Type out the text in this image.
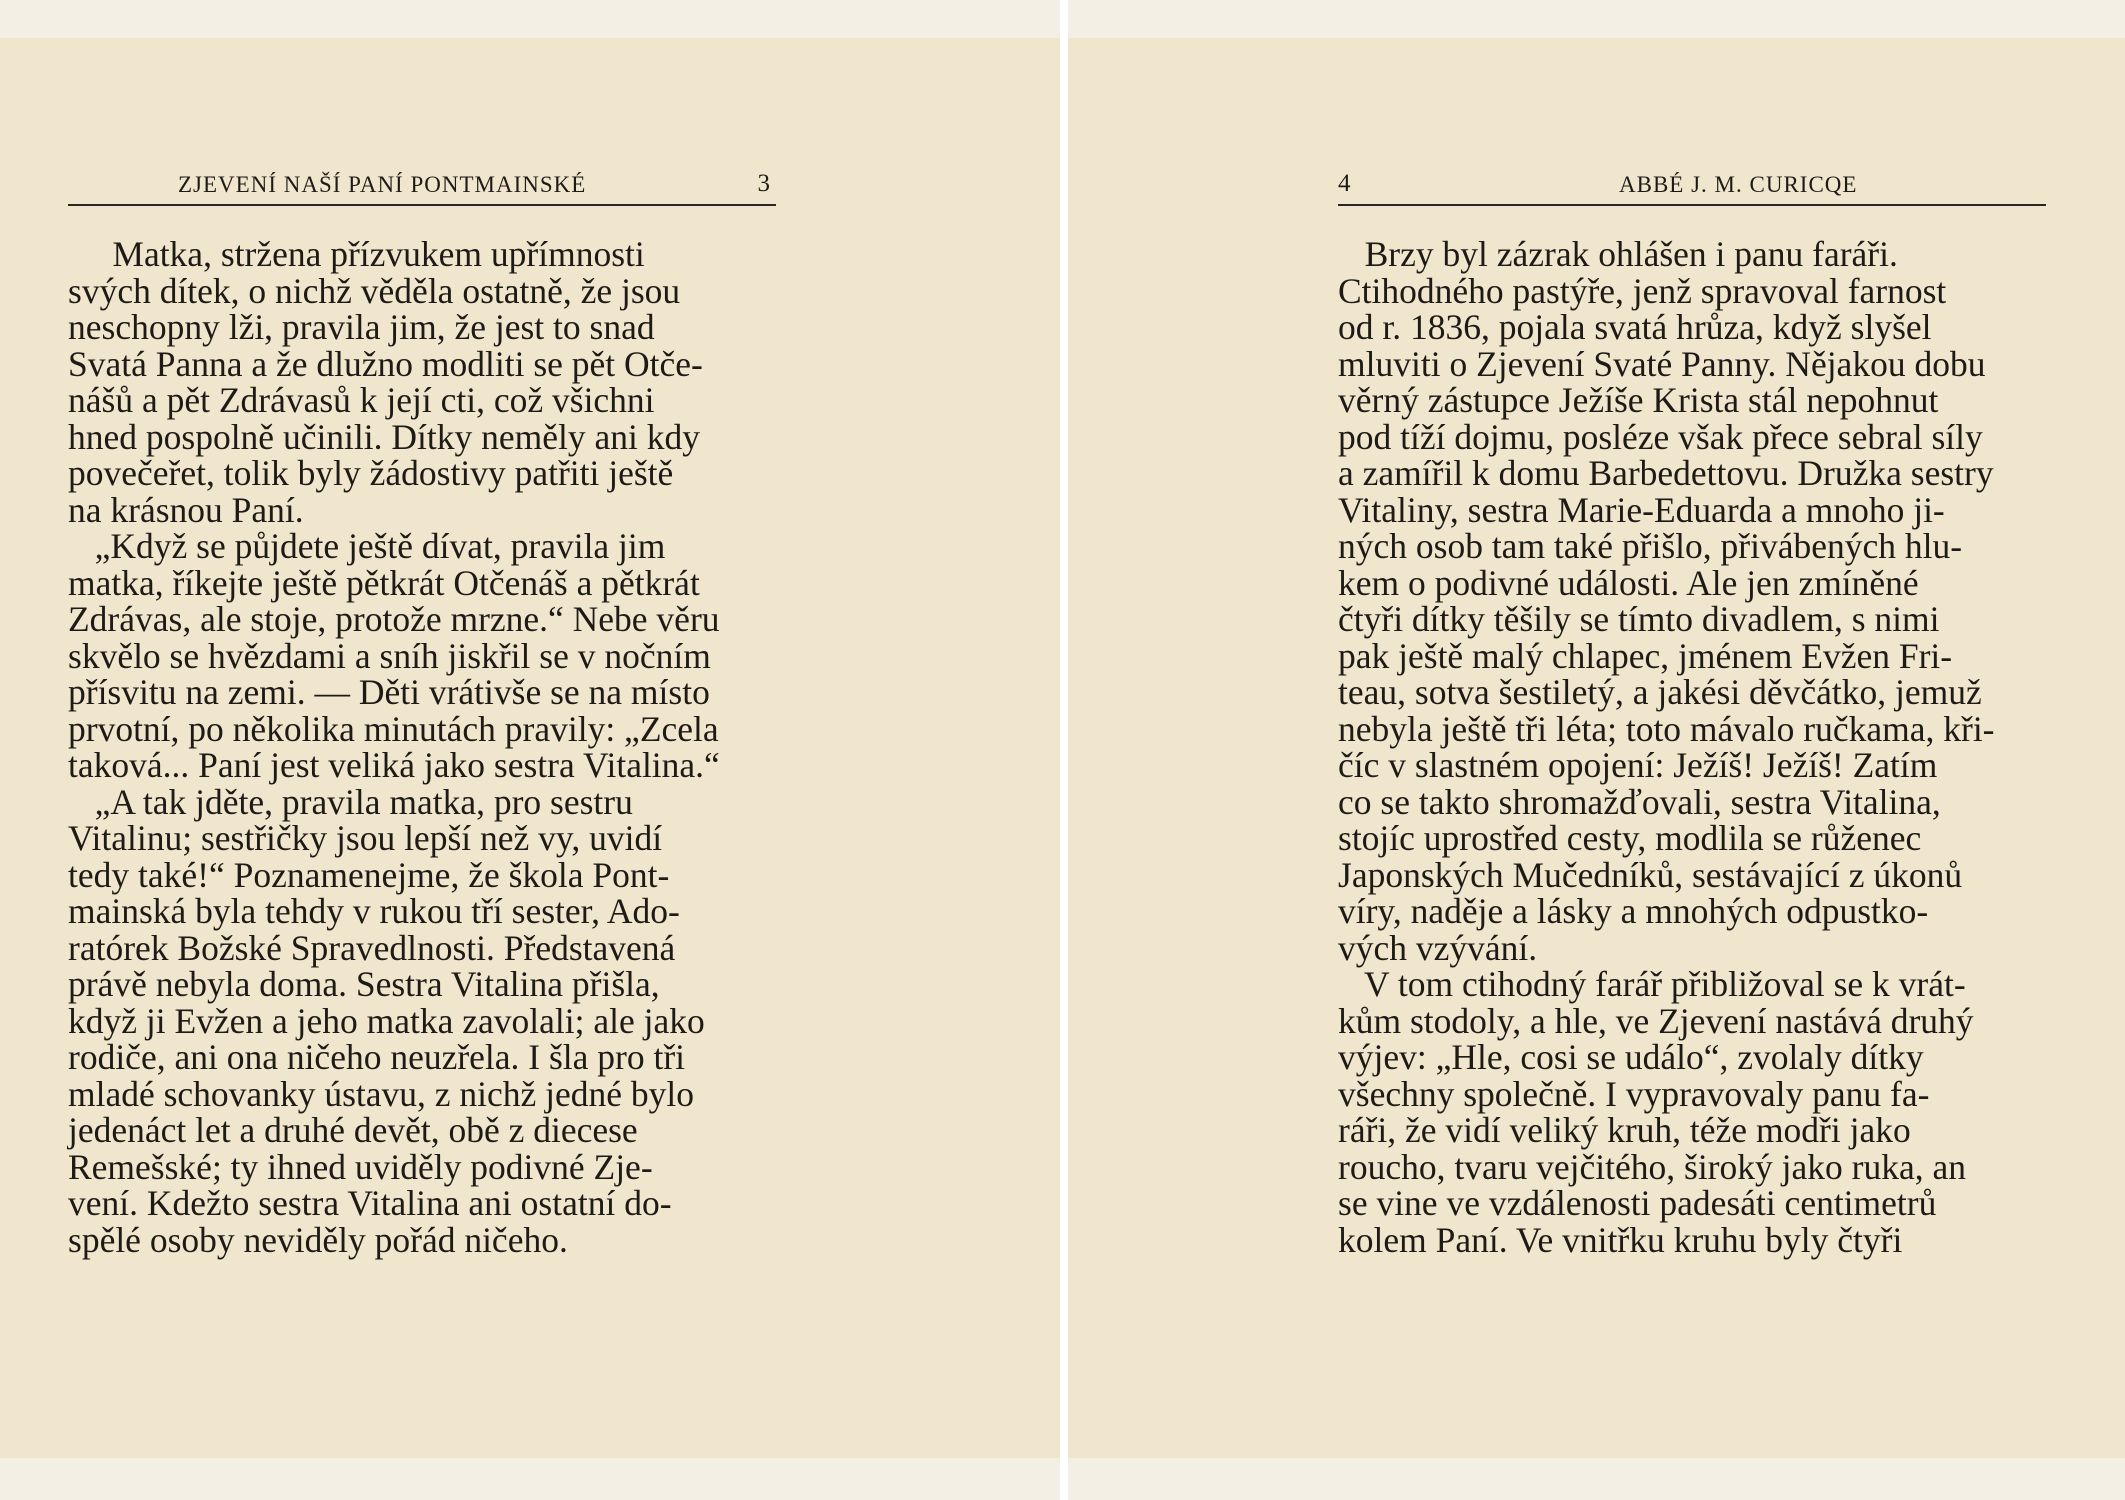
ZJEVENÍ NAŠÍ PANÍ PONTMAINSKÉ	3
Matka, stržena přízvukem upřímnosti
svých dítek, o nichž věděla ostatně, že jsou
neschopny lži, pravila jim, že jest to snad
Svatá Panna a že dlužno modliti se pět Otče-
nášů a pět Zdrávasů k její cti, což všichni
hned pospolně učinili. Dítky neměly ani kdy
povečeřet, tolik byly žádostivy patřiti ještě
na krásnou Paní.
„Když se půjdete ještě dívat, pravila jim
matka, říkejte ještě pětkrát Otčenáš a pětkrát
Zdrávas, ale stoje, protože mrzne.“ Nebe věru
skvělo se hvězdami a sníh jiskřil se v nočním
přísvitu na zemi. — Děti vrátivše se na místo
prvotní, po několika minutách pravily: „Zcela
taková... Paní jest veliká jako sestra Vitalina.“
„A tak jděte, pravila matka, pro sestru
Vitalinu; sestřičky jsou lepší než vy, uvidí
tedy také!“ Poznamenejme, že škola Pont-
mainská byla tehdy v rukou tří sester, Ado-
ratórek Božské Spravedlnosti. Představená
právě nebyla doma. Sestra Vitalina přišla,
když ji Evžen a jeho matka zavolali; ale jako
rodiče, ani ona ničeho neuzřela. I šla pro tři
mladé schovanky ústavu, z nichž jedné bylo
jedenáct let a druhé devět, obě z diecese
Remešské; ty ihned uviděly podivné Zje-
vení. Kdežto sestra Vitalina ani ostatní do-
spělé osoby neviděly pořád ničeho.
4	ABBÉ J. M. CURICQE
Brzy byl zázrak ohlášen i panu faráři.
Ctihodného pastýře, jenž spravoval farnost
od r. 1836, pojala svatá hrůza, když slyšel
mluviti o Zjevení Svaté Panny. Nějakou dobu
věrný zástupce Ježíše Krista stál nepohnut
pod tíží dojmu, posléze však přece sebral síly
a zamířil k domu Barbedettovu. Družka sestry
Vitaliny, sestra Marie-Eduarda a mnoho ji-
ných osob tam také přišlo, přivábených hlu-
kem o podivné události. Ale jen zmíněné
čtyři dítky těšily se tímto divadlem, s nimi
pak ještě malý chlapec, jménem Evžen Fri-
teau, sotva šestiletý, a jakési děvčátko, jemuž
nebyla ještě tři léta; toto mávalo ručkama, kři-
číc v slastném opojení: Ježíš! Ježíš! Zatím
co se takto shromažďovali, sestra Vitalina,
stojíc uprostřed cesty, modlila se růženec
Japonských Mučedníků, sestávající z úkonů
víry, naděje a lásky a mnohých odpustko-
vých vzývání.
V tom ctihodný farář přibližoval se k vrát-
kům stodoly, a hle, ve Zjevení nastává druhý
výjev: „Hle, cosi se událo“, zvolaly dítky
všechny společně. I vypravovaly panu fa-
ráři, že vidí veliký kruh, téže modři jako
roucho, tvaru vejčitého, široký jako ruka, an
se vine ve vzdálenosti padesáti centimetrů
kolem Paní. Ve vnitřku kruhu byly čtyři
